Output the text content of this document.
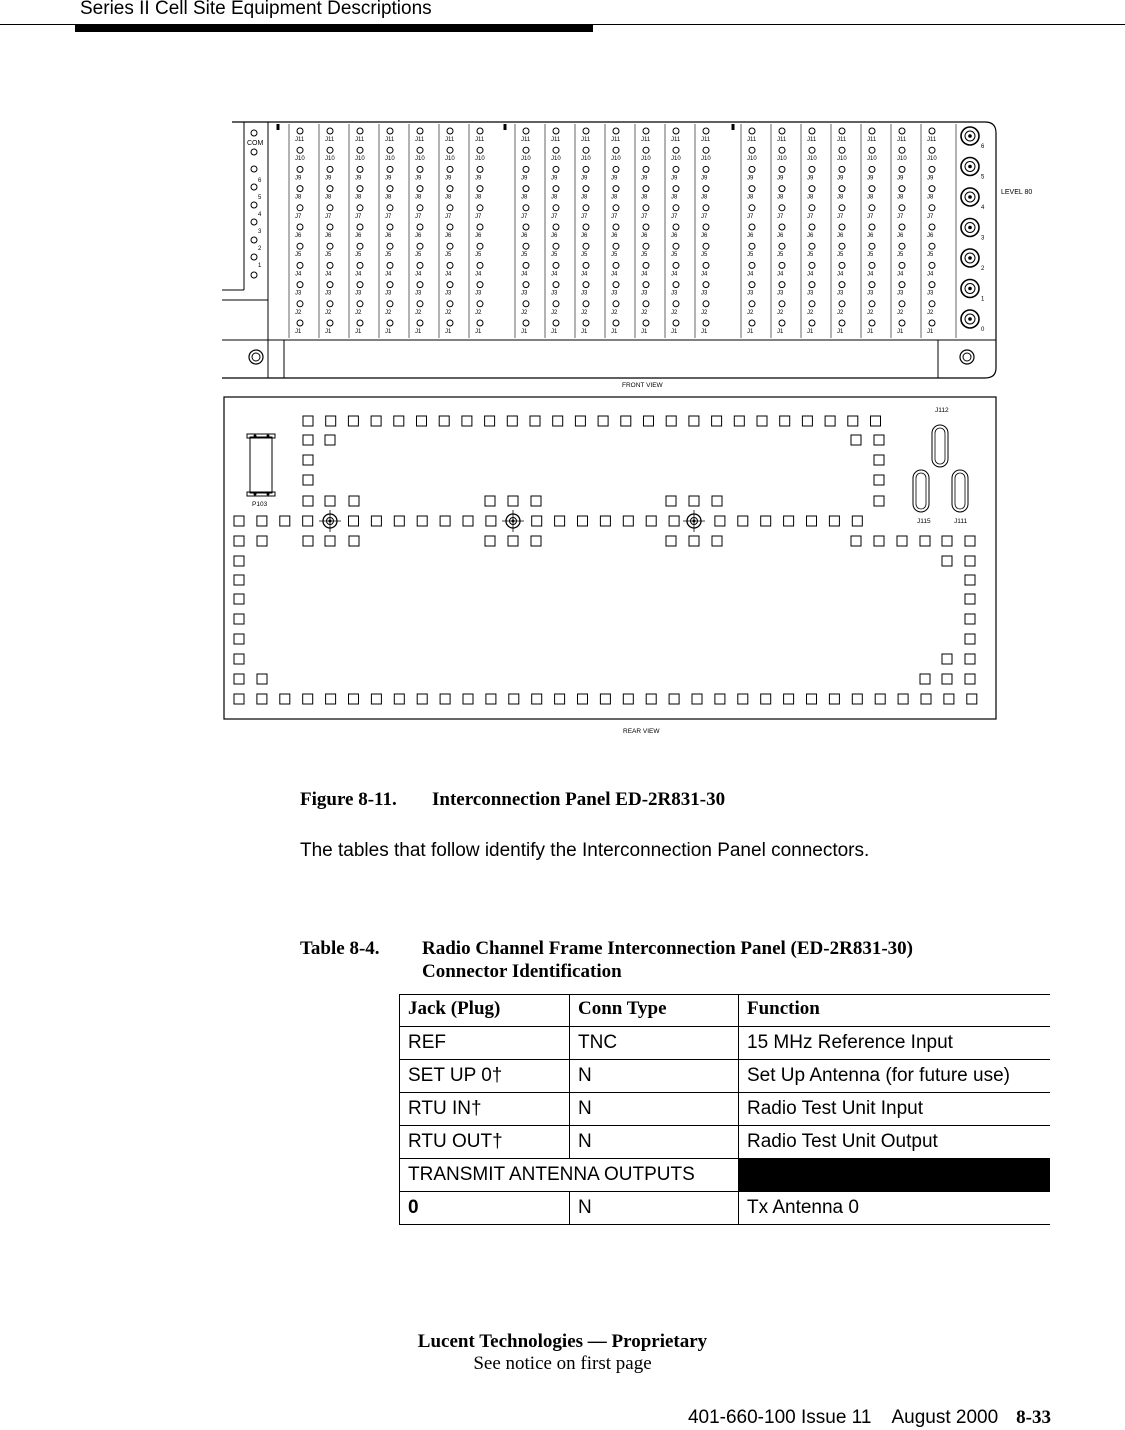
Series II Cell Site Equipment Descriptions
COM
6
5
4
3
2
1
J11
J10
J9
J8
J7
J6
J5
J4
J3
J2
J1
J11
J10
J9
J8
J7
J6
J5
J4
J3
J2
J1
J11
J10
J9
J8
J7
J6
J5
J4
J3
J2
J1
J11
J10
J9
J8
J7
J6
J5
J4
J3
J2
J1
J11
J10
J9
J8
J7
J6
J5
J4
J3
J2
J1
J11
J10
J9
J8
J7
J6
J5
J4
J3
J2
J1
J11
J10
J9
J8
J7
J6
J5
J4
J3
J2
J1
J11
J10
J9
J8
J7
J6
J5
J4
J3
J2
J1
J11
J10
J9
J8
J7
J6
J5
J4
J3
J2
J1
J11
J10
J9
J8
J7
J6
J5
J4
J3
J2
J1
J11
J10
J9
J8
J7
J6
J5
J4
J3
J2
J1
J11
J10
J9
J8
J7
J6
J5
J4
J3
J2
J1
J11
J10
J9
J8
J7
J6
J5
J4
J3
J2
J1
J11
J10
J9
J8
J7
J6
J5
J4
J3
J2
J1
J11
J10
J9
J8
J7
J6
J5
J4
J3
J2
J1
J11
J10
J9
J8
J7
J6
J5
J4
J3
J2
J1
J11
J10
J9
J8
J7
J6
J5
J4
J3
J2
J1
J11
J10
J9
J8
J7
J6
J5
J4
J3
J2
J1
J11
J10
J9
J8
J7
J6
J5
J4
J3
J2
J1
J11
J10
J9
J8
J7
J6
J5
J4
J3
J2
J1
J11
J10
J9
J8
J7
J6
J5
J4
J3
J2
J1
6
5
4
3
2
1
0
LEVEL 80
FRONT VIEW
P103
J112
J115	J111
REAR VIEW
Figure 8-11. Interconnection Panel ED-2R831-30
The tables that follow identify the Interconnection Panel connectors.
Table 8-4.	Radio Channel Frame Interconnection Panel (ED-2R831-30)
Connector Identification
Jack (Plug)	Conn Type	Function
REF	TNC	15 MHz Reference Input
SET UP 0†	N	Set Up Antenna (for future use)
RTU IN†	N	Radio Test Unit Input
RTU OUT†	N	Radio Test Unit Output
TRANSMIT ANTENNA OUTPUTS		
0	N	Tx Antenna 0
Lucent Technologies — Proprietary
See notice on first page
401-660-100 Issue 11    August 2000 8-33
